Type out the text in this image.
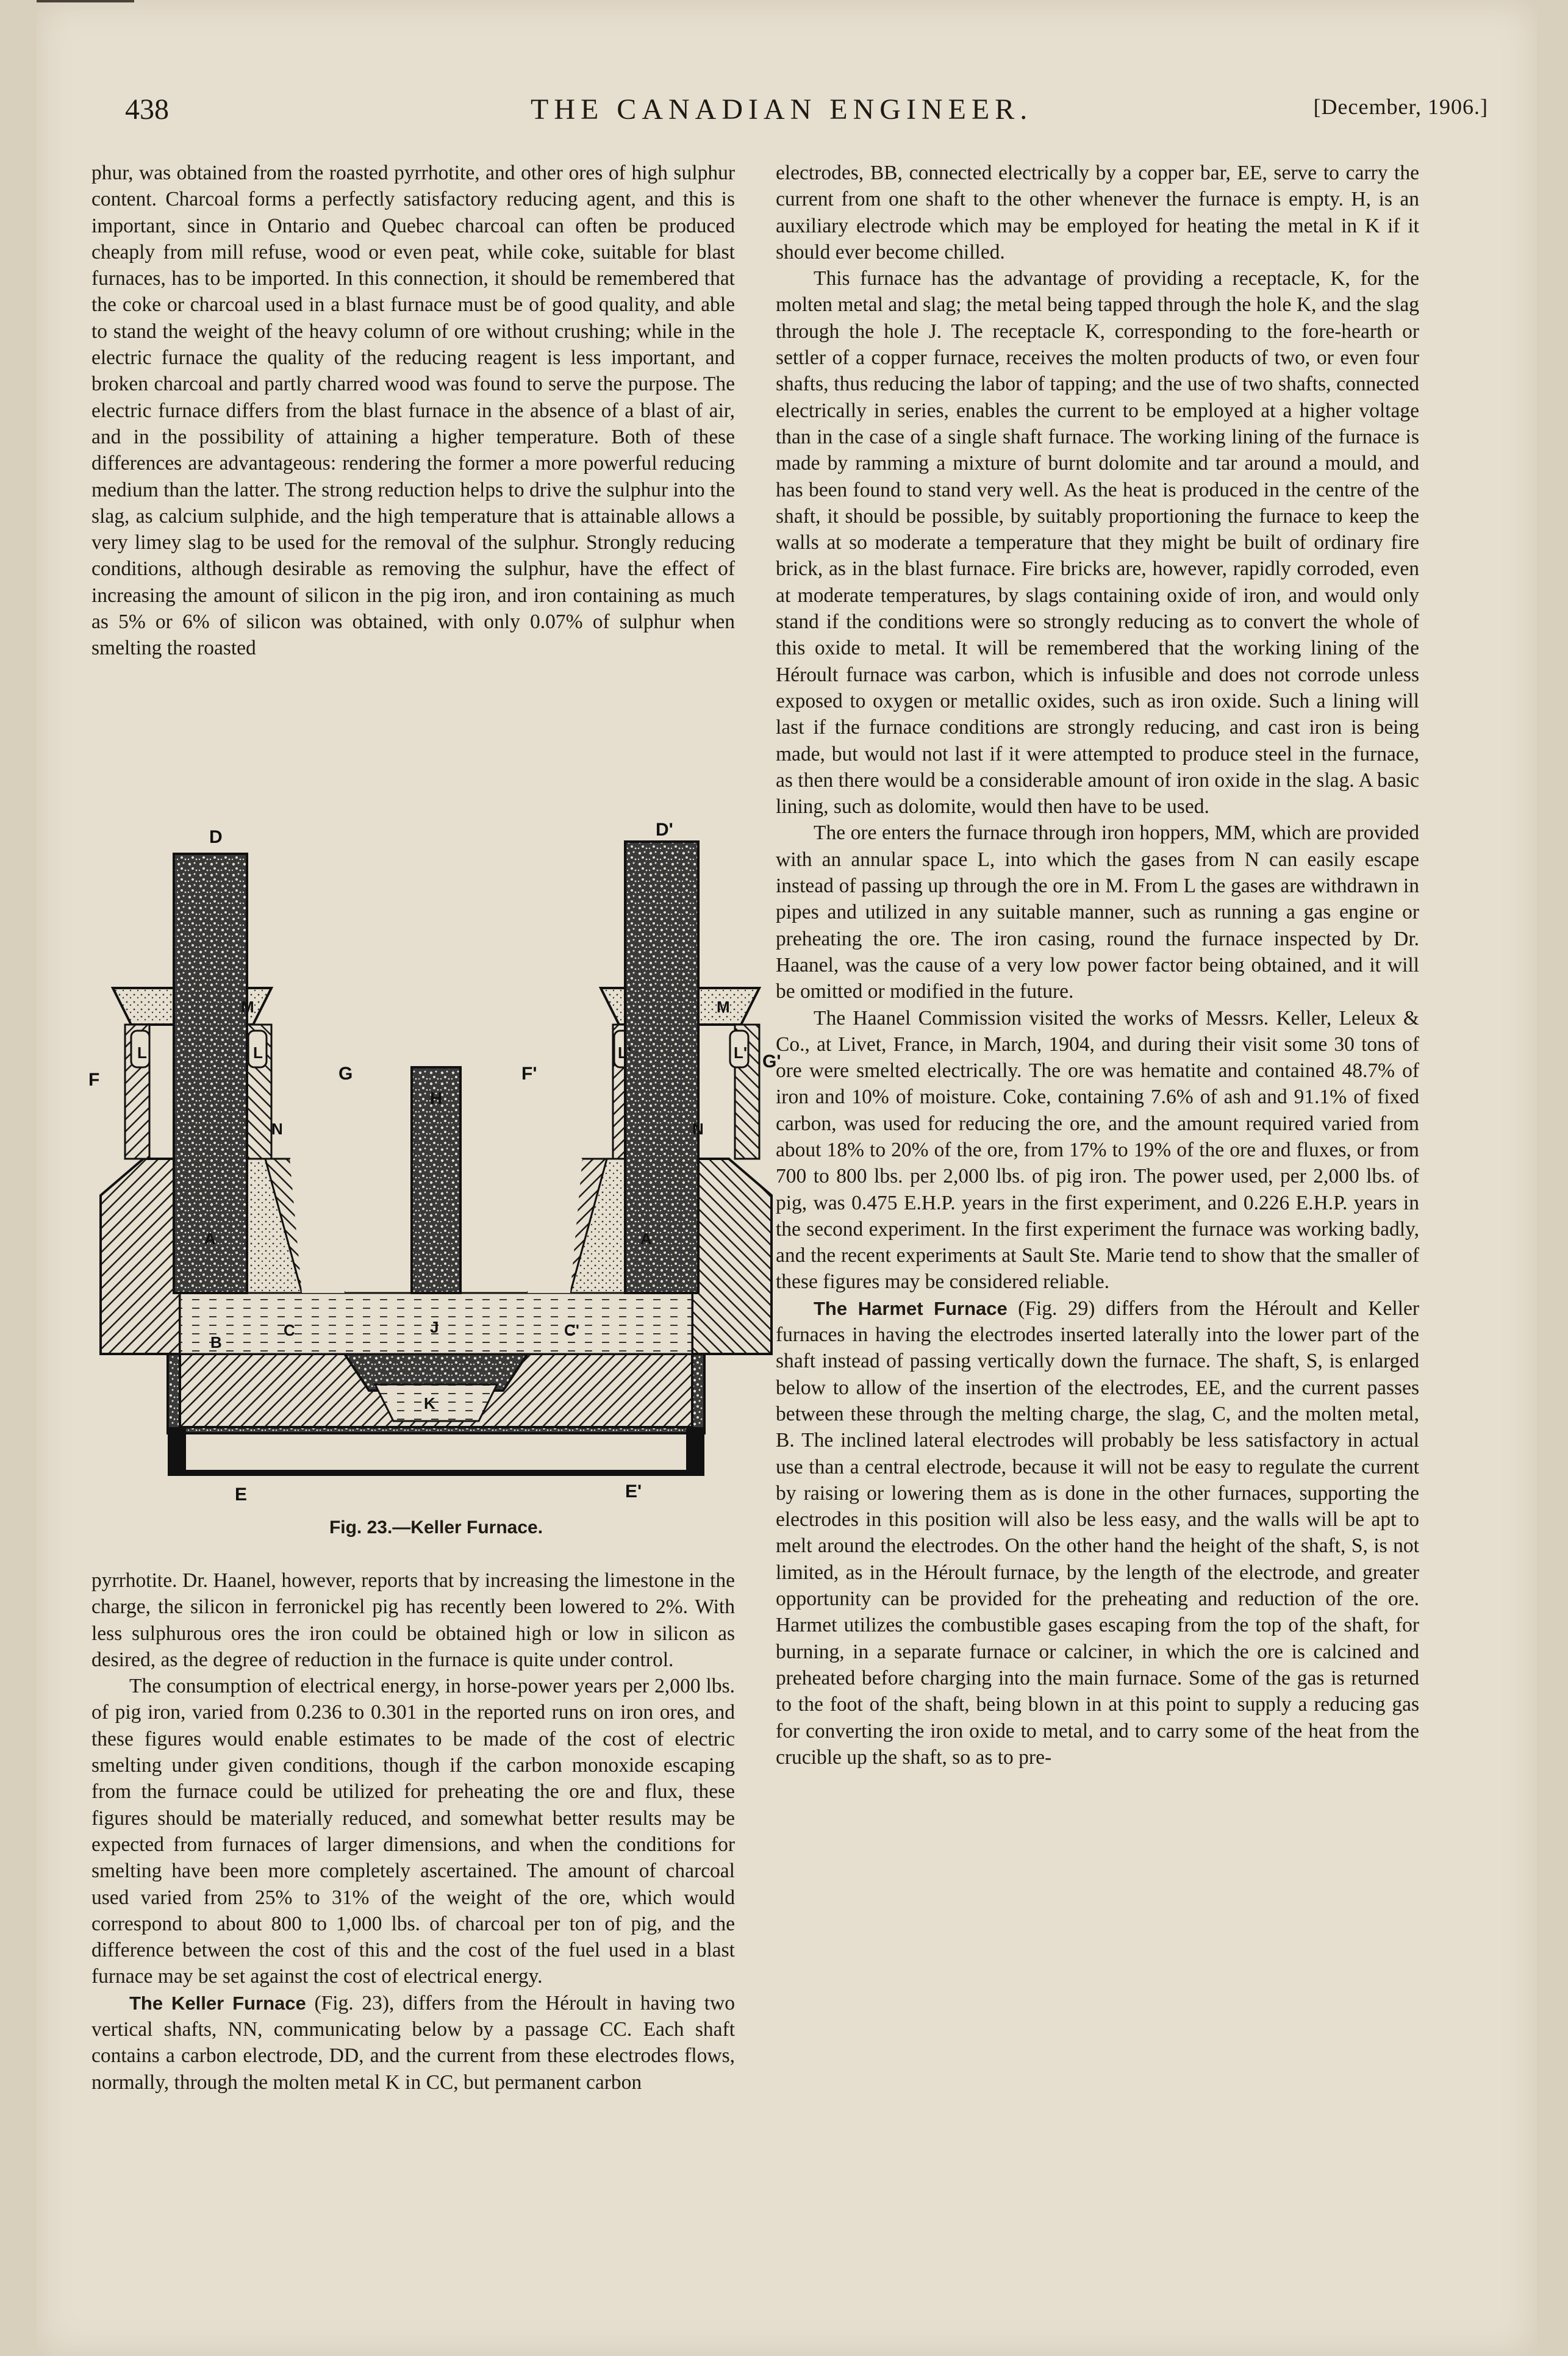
438	THE CANADIAN ENGINEER.	[December, 1906.]

phur, was obtained from the roasted pyrrhotite, and other ores of high sulphur content. Charcoal forms a perfectly satisfactory reducing agent, and this is important, since in Ontario and Quebec charcoal can often be produced cheaply from mill refuse, wood or even peat, while coke, suitable for blast furnaces, has to be imported. In this connection, it should be remembered that the coke or charcoal used in a blast furnace must be of good quality, and able to stand the weight of the heavy column of ore without crushing; while in the electric furnace the quality of the reducing reagent is less important, and broken charcoal and partly charred wood was found to serve the purpose. The electric furnace differs from the blast furnace in the absence of a blast of air, and in the possibility of attaining a higher temperature. Both of these differences are advantageous: rendering the former a more powerful reducing medium than the latter. The strong reduction helps to drive the sulphur into the slag, as calcium sulphide, and the high temperature that is attainable allows a very limey slag to be used for the removal of the sulphur. Strongly reducing conditions, although desirable as removing the sulphur, have the effect of increasing the amount of silicon in the pig iron, and iron containing as much as 5% or 6% of silicon was obtained, with only 0.07% of sulphur when smelting the roasted

D	D'
F	F'
G
G'
H
L	L	L'	L'
M	M
N	N
A	A
B
C	C'
J
K
E	E'
Fig. 23.—Keller Furnace.

pyrrhotite. Dr. Haanel, however, reports that by increasing the limestone in the charge, the silicon in ferronickel pig has recently been lowered to 2%. With less sulphurous ores the iron could be obtained high or low in silicon as desired, as the degree of reduction in the furnace is quite under control.

The consumption of electrical energy, in horse-power years per 2,000 lbs. of pig iron, varied from 0.236 to 0.301 in the reported runs on iron ores, and these figures would enable estimates to be made of the cost of electric smelting under given conditions, though if the carbon monoxide escaping from the furnace could be utilized for preheating the ore and flux, these figures should be materially reduced, and somewhat better results may be expected from furnaces of larger dimensions, and when the conditions for smelting have been more completely ascertained. The amount of charcoal used varied from 25% to 31% of the weight of the ore, which would correspond to about 800 to 1,000 lbs. of charcoal per ton of pig, and the difference between the cost of this and the cost of the fuel used in a blast furnace may be set against the cost of electrical energy.

The Keller Furnace (Fig. 23), differs from the Héroult in having two vertical shafts, NN, communicating below by a passage CC. Each shaft contains a carbon electrode, DD, and the current from these electrodes flows, normally, through the molten metal K in CC, but permanent carbon

electrodes, BB, connected electrically by a copper bar, EE, serve to carry the current from one shaft to the other whenever the furnace is empty. H, is an auxiliary electrode which may be employed for heating the metal in K if it should ever become chilled.

This furnace has the advantage of providing a receptacle, K, for the molten metal and slag; the metal being tapped through the hole K, and the slag through the hole J. The receptacle K, corresponding to the fore-hearth or settler of a copper furnace, receives the molten products of two, or even four shafts, thus reducing the labor of tapping; and the use of two shafts, connected electrically in series, enables the current to be employed at a higher voltage than in the case of a single shaft furnace. The working lining of the furnace is made by ramming a mixture of burnt dolomite and tar around a mould, and has been found to stand very well. As the heat is produced in the centre of the shaft, it should be possible, by suitably proportioning the furnace to keep the walls at so moderate a temperature that they might be built of ordinary fire brick, as in the blast furnace. Fire bricks are, however, rapidly corroded, even at moderate temperatures, by slags containing oxide of iron, and would only stand if the conditions were so strongly reducing as to convert the whole of this oxide to metal. It will be remembered that the working lining of the Héroult furnace was carbon, which is infusible and does not corrode unless exposed to oxygen or metallic oxides, such as iron oxide. Such a lining will last if the furnace conditions are strongly reducing, and cast iron is being made, but would not last if it were attempted to produce steel in the furnace, as then there would be a considerable amount of iron oxide in the slag. A basic lining, such as dolomite, would then have to be used.

The ore enters the furnace through iron hoppers, MM, which are provided with an annular space L, into which the gases from N can easily escape instead of passing up through the ore in M. From L the gases are withdrawn in pipes and utilized in any suitable manner, such as running a gas engine or preheating the ore. The iron casing, round the furnace inspected by Dr. Haanel, was the cause of a very low power factor being obtained, and it will be omitted or modified in the future.

The Haanel Commission visited the works of Messrs. Keller, Leleux & Co., at Livet, France, in March, 1904, and during their visit some 30 tons of ore were smelted electrically. The ore was hematite and contained 48.7% of iron and 10% of moisture. Coke, containing 7.6% of ash and 91.1% of fixed carbon, was used for reducing the ore, and the amount required varied from about 18% to 20% of the ore, from 17% to 19% of the ore and fluxes, or from 700 to 800 lbs. per 2,000 lbs. of pig iron. The power used, per 2,000 lbs. of pig, was 0.475 E.H.P. years in the first experiment, and 0.226 E.H.P. years in the second experiment. In the first experiment the furnace was working badly, and the recent experiments at Sault Ste. Marie tend to show that the smaller of these figures may be considered reliable.

The Harmet Furnace (Fig. 29) differs from the Héroult and Keller furnaces in having the electrodes inserted laterally into the lower part of the shaft instead of passing vertically down the furnace. The shaft, S, is enlarged below to allow of the insertion of the electrodes, EE, and the current passes between these through the melting charge, the slag, C, and the molten metal, B. The inclined lateral electrodes will probably be less satisfactory in actual use than a central electrode, because it will not be easy to regulate the current by raising or lowering them as is done in the other furnaces, supporting the electrodes in this position will also be less easy, and the walls will be apt to melt around the electrodes. On the other hand the height of the shaft, S, is not limited, as in the Héroult furnace, by the length of the electrode, and greater opportunity can be provided for the preheating and reduction of the ore. Harmet utilizes the combustible gases escaping from the top of the shaft, for burning, in a separate furnace or calciner, in which the ore is calcined and preheated before charging into the main furnace. Some of the gas is returned to the foot of the shaft, being blown in at this point to supply a reducing gas for converting the iron oxide to metal, and to carry some of the heat from the crucible up the shaft, so as to pre-
